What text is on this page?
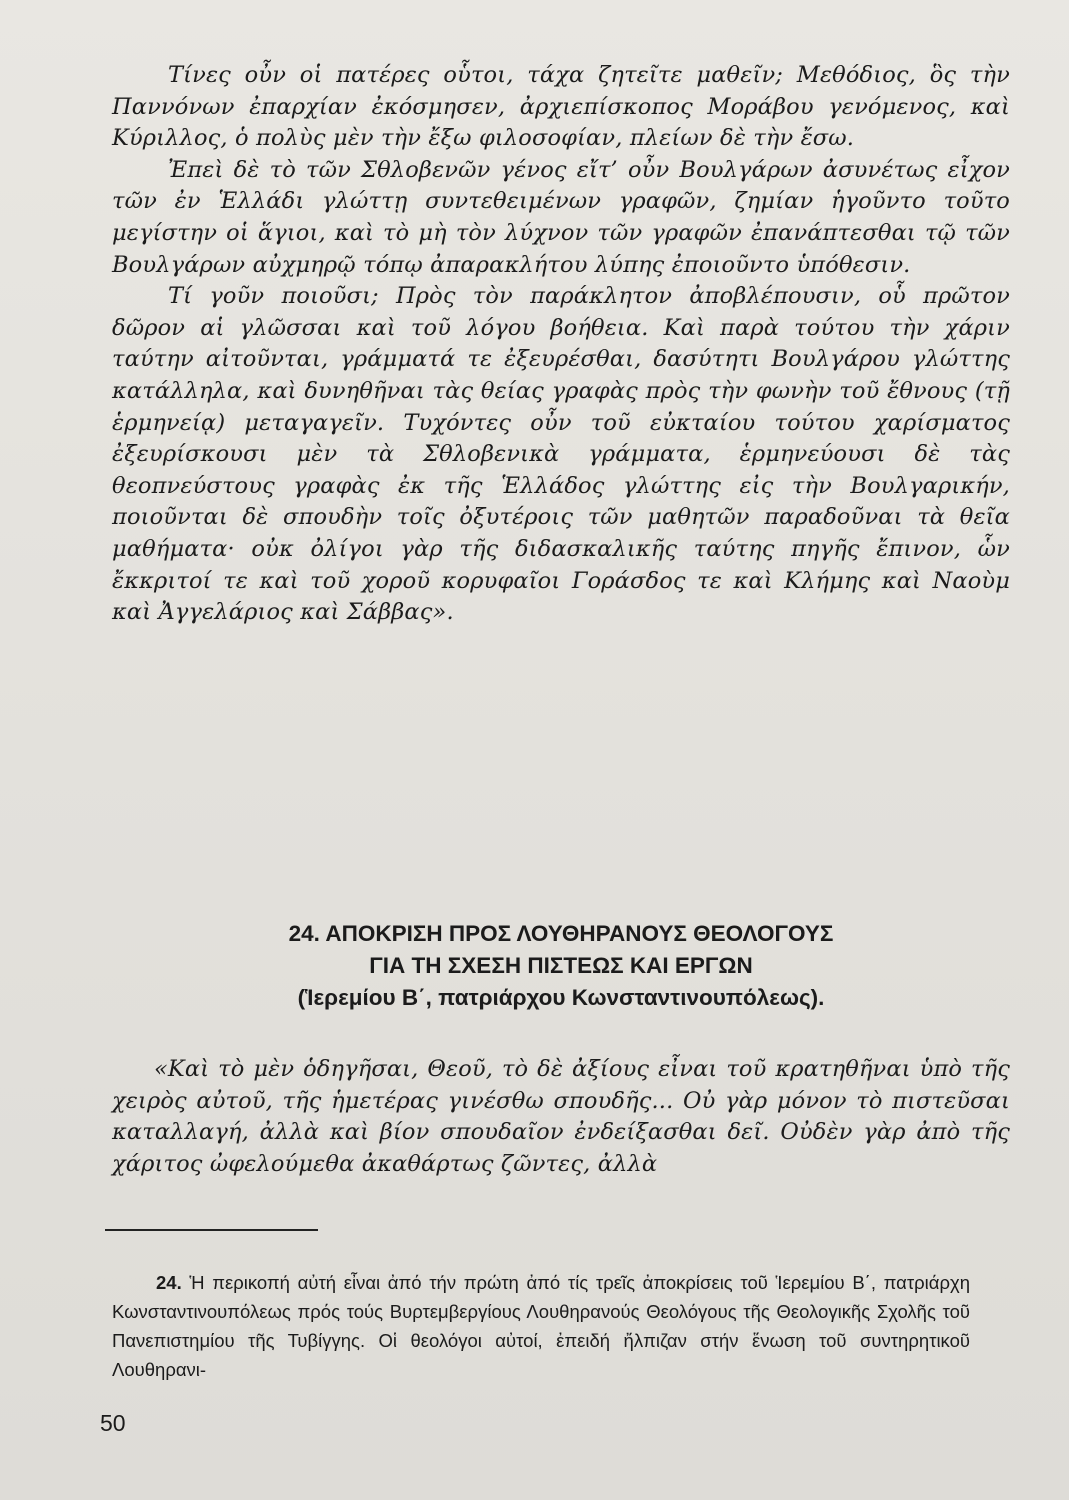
Τίνες οὖν οἱ πατέρες οὗτοι, τάχα ζητεῖτε μαθεῖν; Μεθόδιος, ὃς τὴν Παννόνων ἐπαρχίαν ἐκόσμησεν, ἀρχιεπίσκοπος Μοράβου γενόμενος, καὶ Κύριλλος, ὁ πολὺς μὲν τὴν ἔξω φιλοσοφίαν, πλείων δὲ τὴν ἔσω.

Ἐπεὶ δὲ τὸ τῶν Σθλοβενῶν γένος εἴτ’ οὖν Βουλγάρων ἀσυνέτως εἶχον τῶν ἐν Ἑλλάδι γλώττῃ συντεθειμένων γραφῶν, ζημίαν ἡγοῦντο τοῦτο μεγίστην οἱ ἅγιοι, καὶ τὸ μὴ τὸν λύχνον τῶν γραφῶν ἐπανάπτεσθαι τῷ τῶν Βουλγάρων αὐχμηρῷ τόπῳ ἀπαρακλήτου λύπης ἐποιοῦντο ὑπόθεσιν.

Τί γοῦν ποιοῦσι; Πρὸς τὸν παράκλητον ἀποβλέπουσιν, οὗ πρῶτον δῶρον αἱ γλῶσσαι καὶ τοῦ λόγου βοήθεια. Καὶ παρὰ τούτου τὴν χάριν ταύτην αἰτοῦνται, γράμματά τε ἐξευρέσθαι, δασύτητι Βουλγάρου γλώττης κατάλληλα, καὶ δυνηθῆναι τὰς θείας γραφὰς πρὸς τὴν φωνὴν τοῦ ἔθνους (τῇ ἑρμηνείᾳ) μεταγαγεῖν. Τυχόντες οὖν τοῦ εὐκταίου τούτου χαρίσματος ἐξευρίσκουσι μὲν τὰ Σθλοβενικὰ γράμματα, ἑρμηνεύουσι δὲ τὰς θεοπνεύστους γραφὰς ἐκ τῆς Ἑλλάδος γλώττης εἰς τὴν Βουλγαρικήν, ποιοῦνται δὲ σπουδὴν τοῖς ὀξυτέροις τῶν μαθητῶν παραδοῦναι τὰ θεῖα μαθήματα· οὐκ ὀλίγοι γὰρ τῆς διδασκαλικῆς ταύτης πηγῆς ἔπινον, ὧν ἔκκριτοί τε καὶ τοῦ χοροῦ κορυφαῖοι Γοράσδος τε καὶ Κλήμης καὶ Ναοὺμ καὶ Ἀγγελάριος καὶ Σάββας».

24. ΑΠΟΚΡΙΣΗ ΠΡΟΣ ΛΟΥΘΗΡΑΝΟΥΣ ΘΕΟΛΟΓΟΥΣ
ΓΙΑ ΤΗ ΣΧΕΣΗ ΠΙΣΤΕΩΣ ΚΑΙ ΕΡΓΩΝ
(Ἱερεμίου Β΄, πατριάρχου Κωνσταντινουπόλεως).

«Καὶ τὸ μὲν ὁδηγῆσαι, Θεοῦ, τὸ δὲ ἀξίους εἶναι τοῦ κρατηθῆναι ὑπὸ τῆς χειρὸς αὐτοῦ, τῆς ἡμετέρας γινέσθω σπουδῆς... Οὐ γὰρ μόνον τὸ πιστεῦσαι καταλλαγή, ἀλλὰ καὶ βίον σπουδαῖον ἐνδείξασθαι δεῖ. Οὐδὲν γὰρ ἀπὸ τῆς χάριτος ὠφελούμεθα ἀκαθάρτως ζῶντες, ἀλλὰ

24. Ἡ περικοπή αὐτή εἶναι ἀπό τήν πρώτη ἀπό τίς τρεῖς ἀποκρίσεις τοῦ Ἱερεμίου Β΄, πατριάρχη Κωνσταντινουπόλεως πρός τούς Βυρτεμβεργίους Λουθηρανούς Θεολόγους τῆς Θεολογικῆς Σχολῆς τοῦ Πανεπιστημίου τῆς Τυβίγγης. Οἱ θεολόγοι αὐτοί, ἐπειδή ἤλπιζαν στήν ἕνωση τοῦ συντηρητικοῦ Λουθηρανι-

50
